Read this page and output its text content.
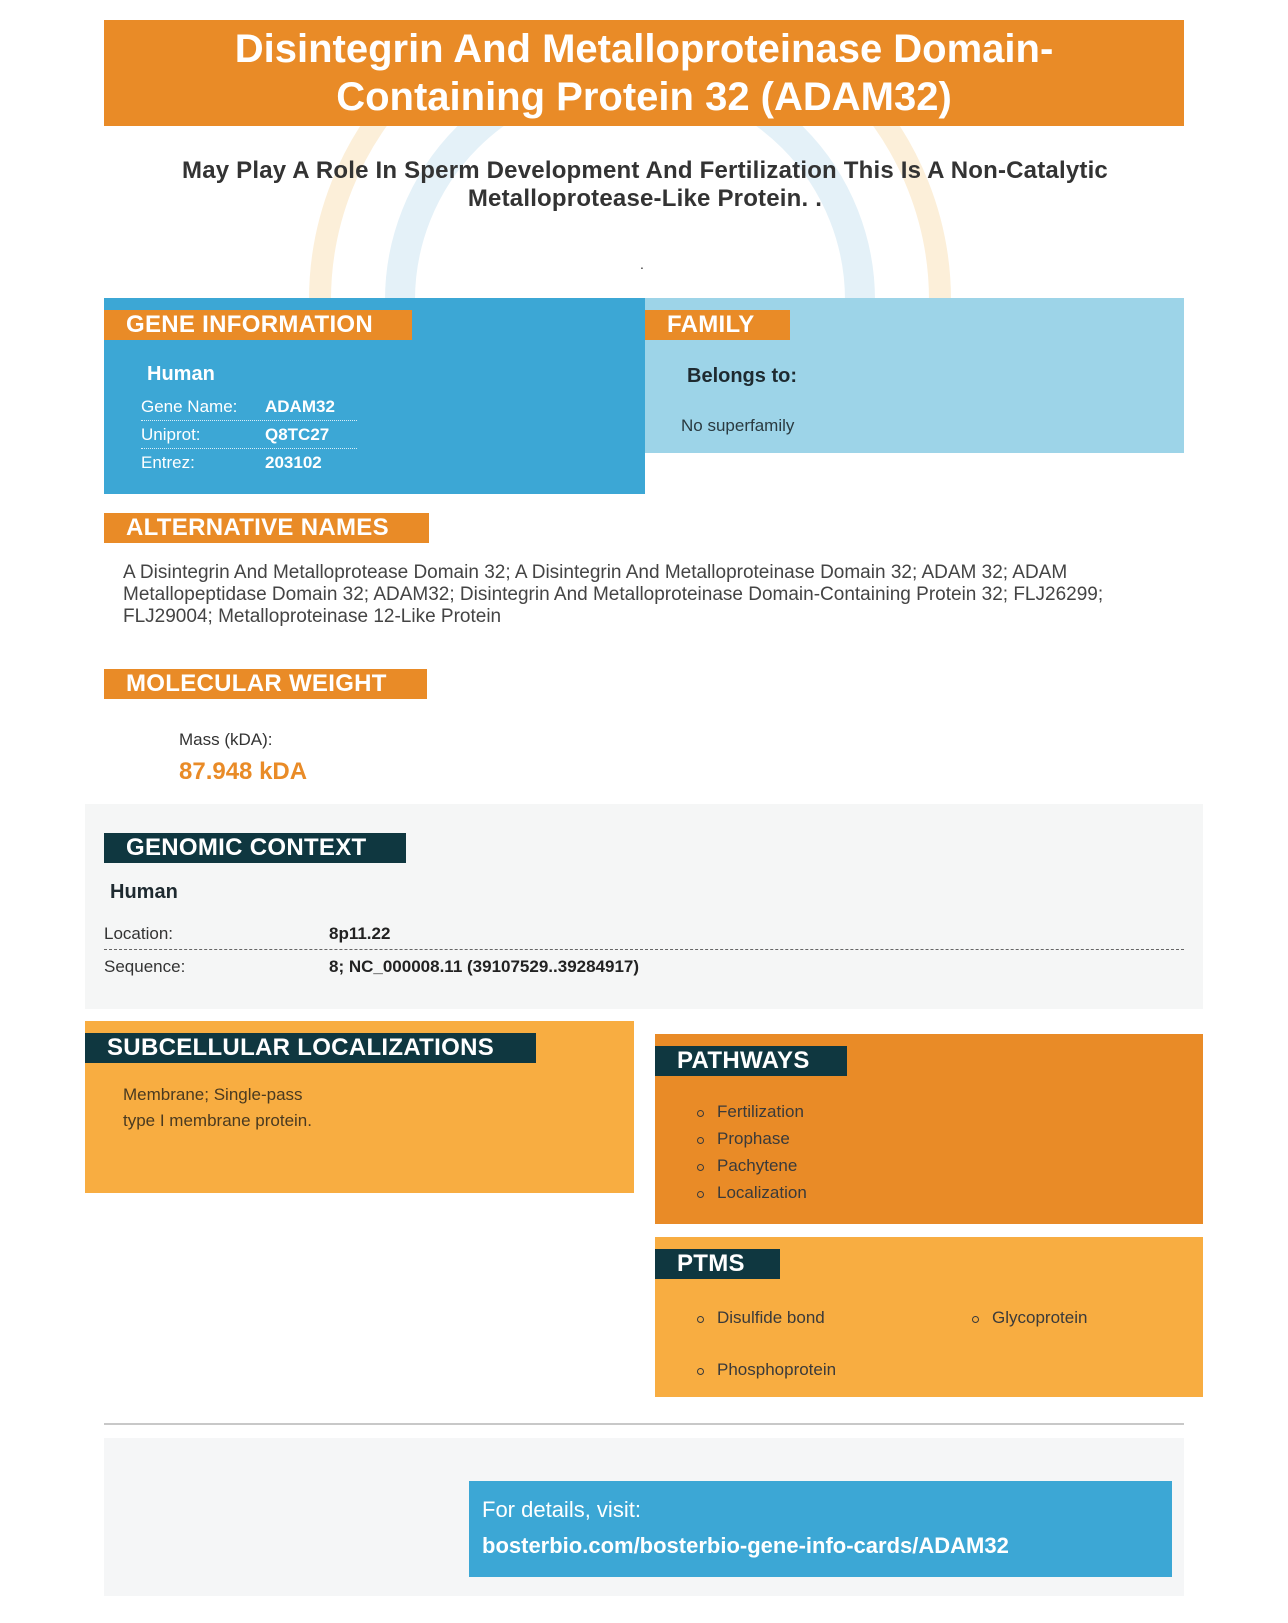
Disintegrin And Metalloproteinase Domain-Containing Protein 32 (ADAM32)
May Play A Role In Sperm Development And Fertilization This Is A Non-Catalytic Metalloprotease-Like Protein. .
.
GENE INFORMATION
Human
Gene Name:	ADAM32
Uniprot:	Q8TC27
Entrez:	203102
FAMILY
Belongs to:
No superfamily
ALTERNATIVE NAMES
A Disintegrin And Metalloprotease Domain 32; A Disintegrin And Metalloproteinase Domain 32; ADAM 32; ADAM Metallopeptidase Domain 32; ADAM32; Disintegrin And Metalloproteinase Domain-Containing Protein 32; FLJ26299; FLJ29004; Metalloproteinase 12-Like Protein
MOLECULAR WEIGHT
Mass (kDA):
87.948 kDA
GENOMIC CONTEXT
Human
Location:	8p11.22
Sequence:	8; NC_000008.11 (39107529..39284917)
SUBCELLULAR LOCALIZATIONS
Membrane; Single-pass
type I membrane protein.
PATHWAYS
Fertilization
Prophase
Pachytene
Localization
PTMS
Disulfide bond
Phosphoprotein
Glycoprotein
For details, visit:
bosterbio.com/bosterbio-gene-info-cards/ADAM32
